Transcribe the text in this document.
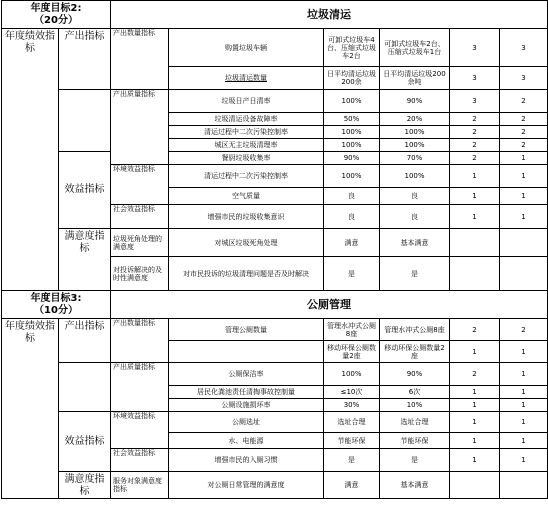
年度目标2:
（20分）		垃圾清运					
年度绩效指标	产出指标	产出数量指标	购置垃圾车辆	可卸式垃圾车4台、压缩式垃圾车2台	可卸式垃圾车2台、压缩式垃圾车1台	3	3
			垃圾清运数量	日平均清运垃圾200余	日平均清运垃圾200余吨	3	3
		产出质量指标	垃圾日产日清率	100%	90%	3	2
			垃圾清运设备故障率	50%	20%	2	2
			清运过程中二次污染控制率	100%	100%	2	2
			城区无主垃圾清理率	100%	100%	2	2
	效益指标		餐厨垃圾收集率	90%	70%	2	1
		环境效益指标	清运过程中二次污染控制率	100%	100%	1	1
			空气质量	良	良	1	1
		社会效益指标	增强市民的垃圾收集意识	良	良	1	1
	满意度指标	垃圾死角处理的满意度	对城区垃圾死角处理	满意	基本满意		
		对投诉解决的及时性满意度	对市民投诉的垃圾清理问题是否及时解决	是	是		
年度目标3:
（10分）		公厕管理					
年度绩效指标	产出指标	产出数量指标	管理公厕数量	管理水冲式公厕8座	管理水冲式公厕8座	2	2
				移动环保公厕数量2座	移动环保公厕数量2座	1	1
		产出质量指标	公厕保洁率	100%	90%	2	1
			居民化粪池责任清掏事故控制量	≤10次	6次	1	1
			公厕设施损坏率	30%	10%	1	1
	效益指标	环境效益指标	公厕选址	选址合理	选址合理	1	1
			水、电能源	节能环保	节能环保	1	1
		社会效益指标	增强市民的入厕习惯	是	是	1	1
	满意度指标	服务对象满意度指标	对公厕日常管理的满意度	满意	基本满意		
